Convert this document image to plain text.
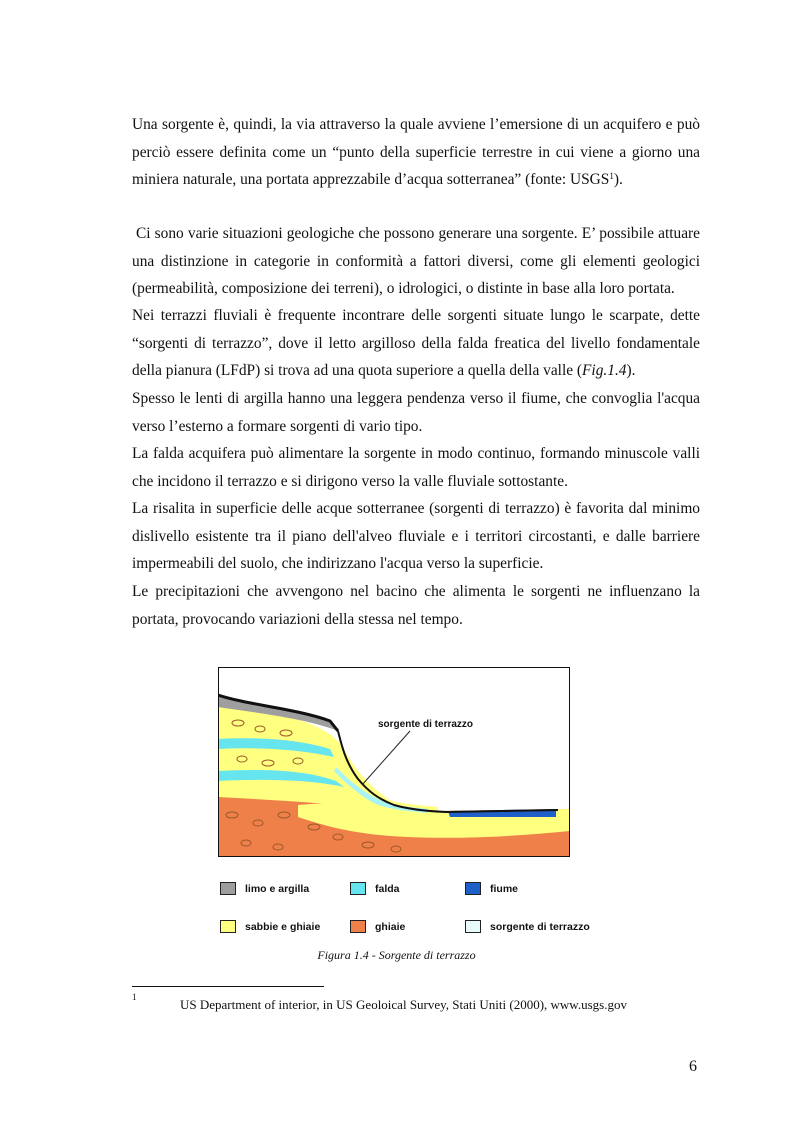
Una sorgente è, quindi, la via attraverso la quale avviene l’emersione di un acquifero e può perciò essere definita come un “punto della superficie terrestre in cui viene a giorno una miniera naturale, una portata apprezzabile d’acqua sotterranea” (fonte: USGS$^1$).

Ci sono varie situazioni geologiche che possono generare una sorgente. E’ possibile attuare una distinzione in categorie in conformità a fattori diversi, come gli elementi geologici (permeabilità, composizione dei terreni), o idrologici, o distinte in base alla loro portata.

Nei terrazzi fluviali è frequente incontrare delle sorgenti situate lungo le scarpate, dette “sorgenti di terrazzo”, dove il letto argilloso della falda freatica del livello fondamentale della pianura (LFdP) si trova ad una quota superiore a quella della valle (Fig.1.4).

Spesso le lenti di argilla hanno una leggera pendenza verso il fiume, che convoglia l'acqua verso l’esterno a formare sorgenti di vario tipo.

La falda acquifera può alimentare la sorgente in modo continuo, formando minuscole valli che incidono il terrazzo e si dirigono verso la valle fluviale sottostante.

La risalita in superficie delle acque sotterranee (sorgenti di terrazzo) è favorita dal minimo dislivello esistente tra il piano dell'alveo fluviale e i territori circostanti, e dalle barriere impermeabili del suolo, che indirizzano l'acqua verso la superficie.

Le precipitazioni che avvengono nel bacino che alimenta le sorgenti ne influenzano la portata, provocando variazioni della stessa nel tempo.

sorgente di terrazzo
limo e argilla	falda	fiume
sabbie e ghiaie	ghiaie	sorgente di terrazzo
Figura 1.4 - Sorgente di terrazzo
1	US Department of interior, in US Geoloical Survey, Stati Uniti (2000), www.usgs.gov
6
